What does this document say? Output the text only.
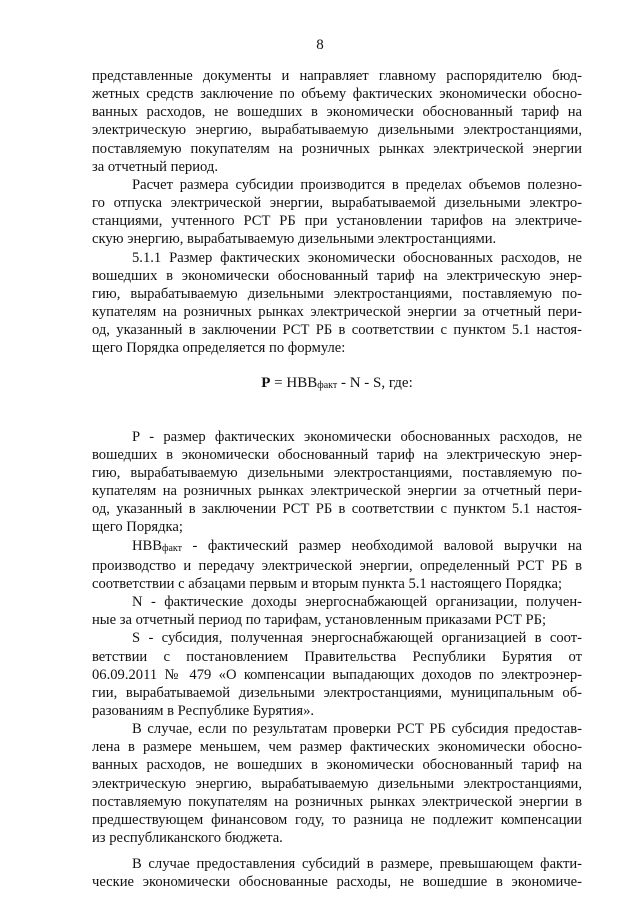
8

представленные документы и направляет главному распорядителю бюд-

жетных средств заключение по объему фактических экономически обосно-

ванных расходов, не вошедших в экономически обоснованный тариф на

электрическую энергию, вырабатываемую дизельными электростанциями,

поставляемую покупателям на розничных рынках электрической энергии

за отчетный период.

Расчет размера субсидии производится в пределах объемов полезно-

го отпуска электрической энергии, вырабатываемой дизельными электро-

станциями, учтенного РСТ РБ при установлении тарифов на электриче-

скую энергию, вырабатываемую дизельными электростанциями.

5.1.1 Размер фактических экономически обоснованных расходов, не

вошедших в экономически обоснованный тариф на электрическую энер-

гию, вырабатываемую дизельными электростанциями, поставляемую по-

купателям на розничных рынках электрической энергии за отчетный пери-

од, указанный в заключении РСТ РБ в соответствии с пунктом 5.1 настоя-

щего Порядка определяется по формуле:

$Р = НВВ_{факт} - N - S$, где:

Р - размер фактических экономически обоснованных расходов, не

вошедших в экономически обоснованный тариф на электрическую энер-

гию, вырабатываемую дизельными электростанциями, поставляемую по-

купателям на розничных рынках электрической энергии за отчетный пери-

од, указанный в заключении РСТ РБ в соответствии с пунктом 5.1 настоя-

щего Порядка;

$НВВ_{факт}$ - фактический размер необходимой валовой выручки на

производство и передачу электрической энергии, определенный РСТ РБ в

соответствии с абзацами первым и вторым пункта 5.1 настоящего Порядка;

N - фактические доходы энергоснабжающей организации, получен-

ные за отчетный период по тарифам, установленным приказами РСТ РБ;

S - субсидия, полученная энергоснабжающей организацией в соот-

ветствии с постановлением Правительства Республики Бурятия от

06.09.2011 № 479 «О компенсации выпадающих доходов по электроэнер-

гии, вырабатываемой дизельными электростанциями, муниципальным об-

разованиям в Республике Бурятия».

В случае, если по результатам проверки РСТ РБ субсидия предостав-

лена в размере меньшем, чем размер фактических экономически обосно-

ванных расходов, не вошедших в экономически обоснованный тариф на

электрическую энергию, вырабатываемую дизельными электростанциями,

поставляемую покупателям на розничных рынках электрической энергии в

предшествующем финансовом году, то разница не подлежит компенсации

из республиканского бюджета.

В случае предоставления субсидий в размере, превышающем факти-

ческие экономически обоснованные расходы, не вошедшие в экономиче-
